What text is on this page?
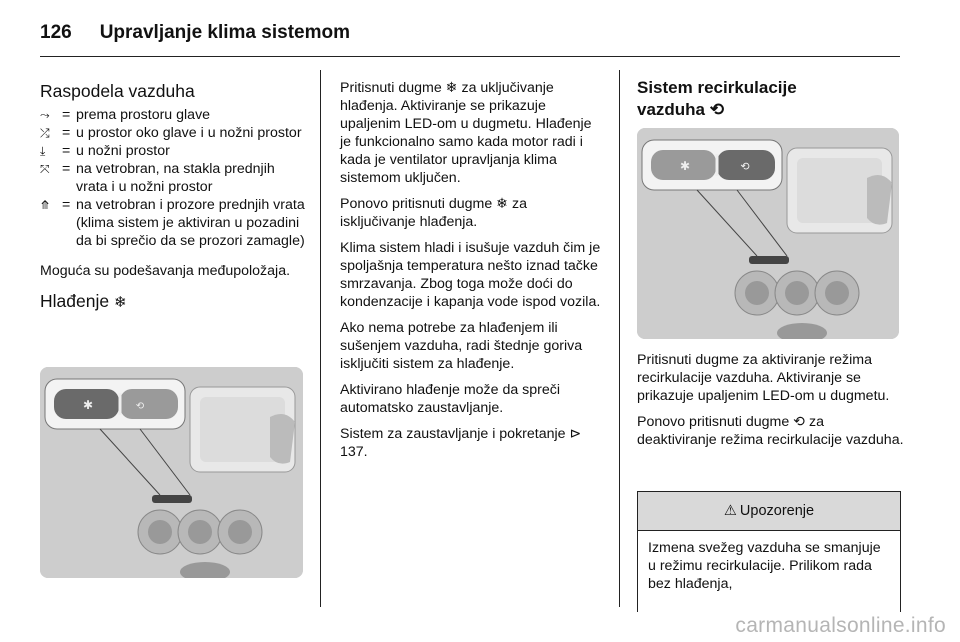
126 Upravljanje klima sistemom
Raspodela vazduha
⤳ = prema prostoru glave
⤮ = u prostor oko glave i u nožni prostor
⤓	= u nožni prostor
⤧ = na vetrobran, na stakla prednjih vrata i u nožni prostor
⤊ = na vetrobran i prozore prednjih vrata (klima sistem je aktiviran u pozadini da bi sprečio da se prozori zamagle)

Moguća su podešavanja međupoložaja.

Hlađenje ❄
✱	⟲

Pritisnuti dugme ❄ za uključivanje hlađenja. Aktiviranje se prikazuje upaljenim LED-om u dugmetu. Hlađenje je funkcionalno samo kada motor radi i kada je ventilator upravljanja klima sistemom uključen.

Ponovo pritisnuti dugme ❄ za isključivanje hlađenja.

Klima sistem hladi i isušuje vazduh čim je spoljašnja temperatura nešto iznad tačke smrzavanja. Zbog toga može doći do kondenzacije i kapanja vode ispod vozila.

Ako nema potrebe za hlađenjem ili sušenjem vazduha, radi štednje goriva isključiti sistem za hlađenje.

Aktivirano hlađenje može da spreči automatsko zaustavljanje.

Sistem za zaustavljanje i pokretanje ⊳ 137.

Sistem recirkulacije
vazduha ⟲
✱	⟲

Pritisnuti dugme za aktiviranje režima recirkulacije vazduha. Aktiviranje se prikazuje upaljenim LED-om u dugmetu.

Ponovo pritisnuti dugme ⟲ za deaktiviranje režima recirkulacije vazduha.

⚠ Upozorenje
Izmena svežeg vazduha se smanjuje u režimu recirkulacije. Prilikom rada bez hlađenja,
carmanualsonline.info
